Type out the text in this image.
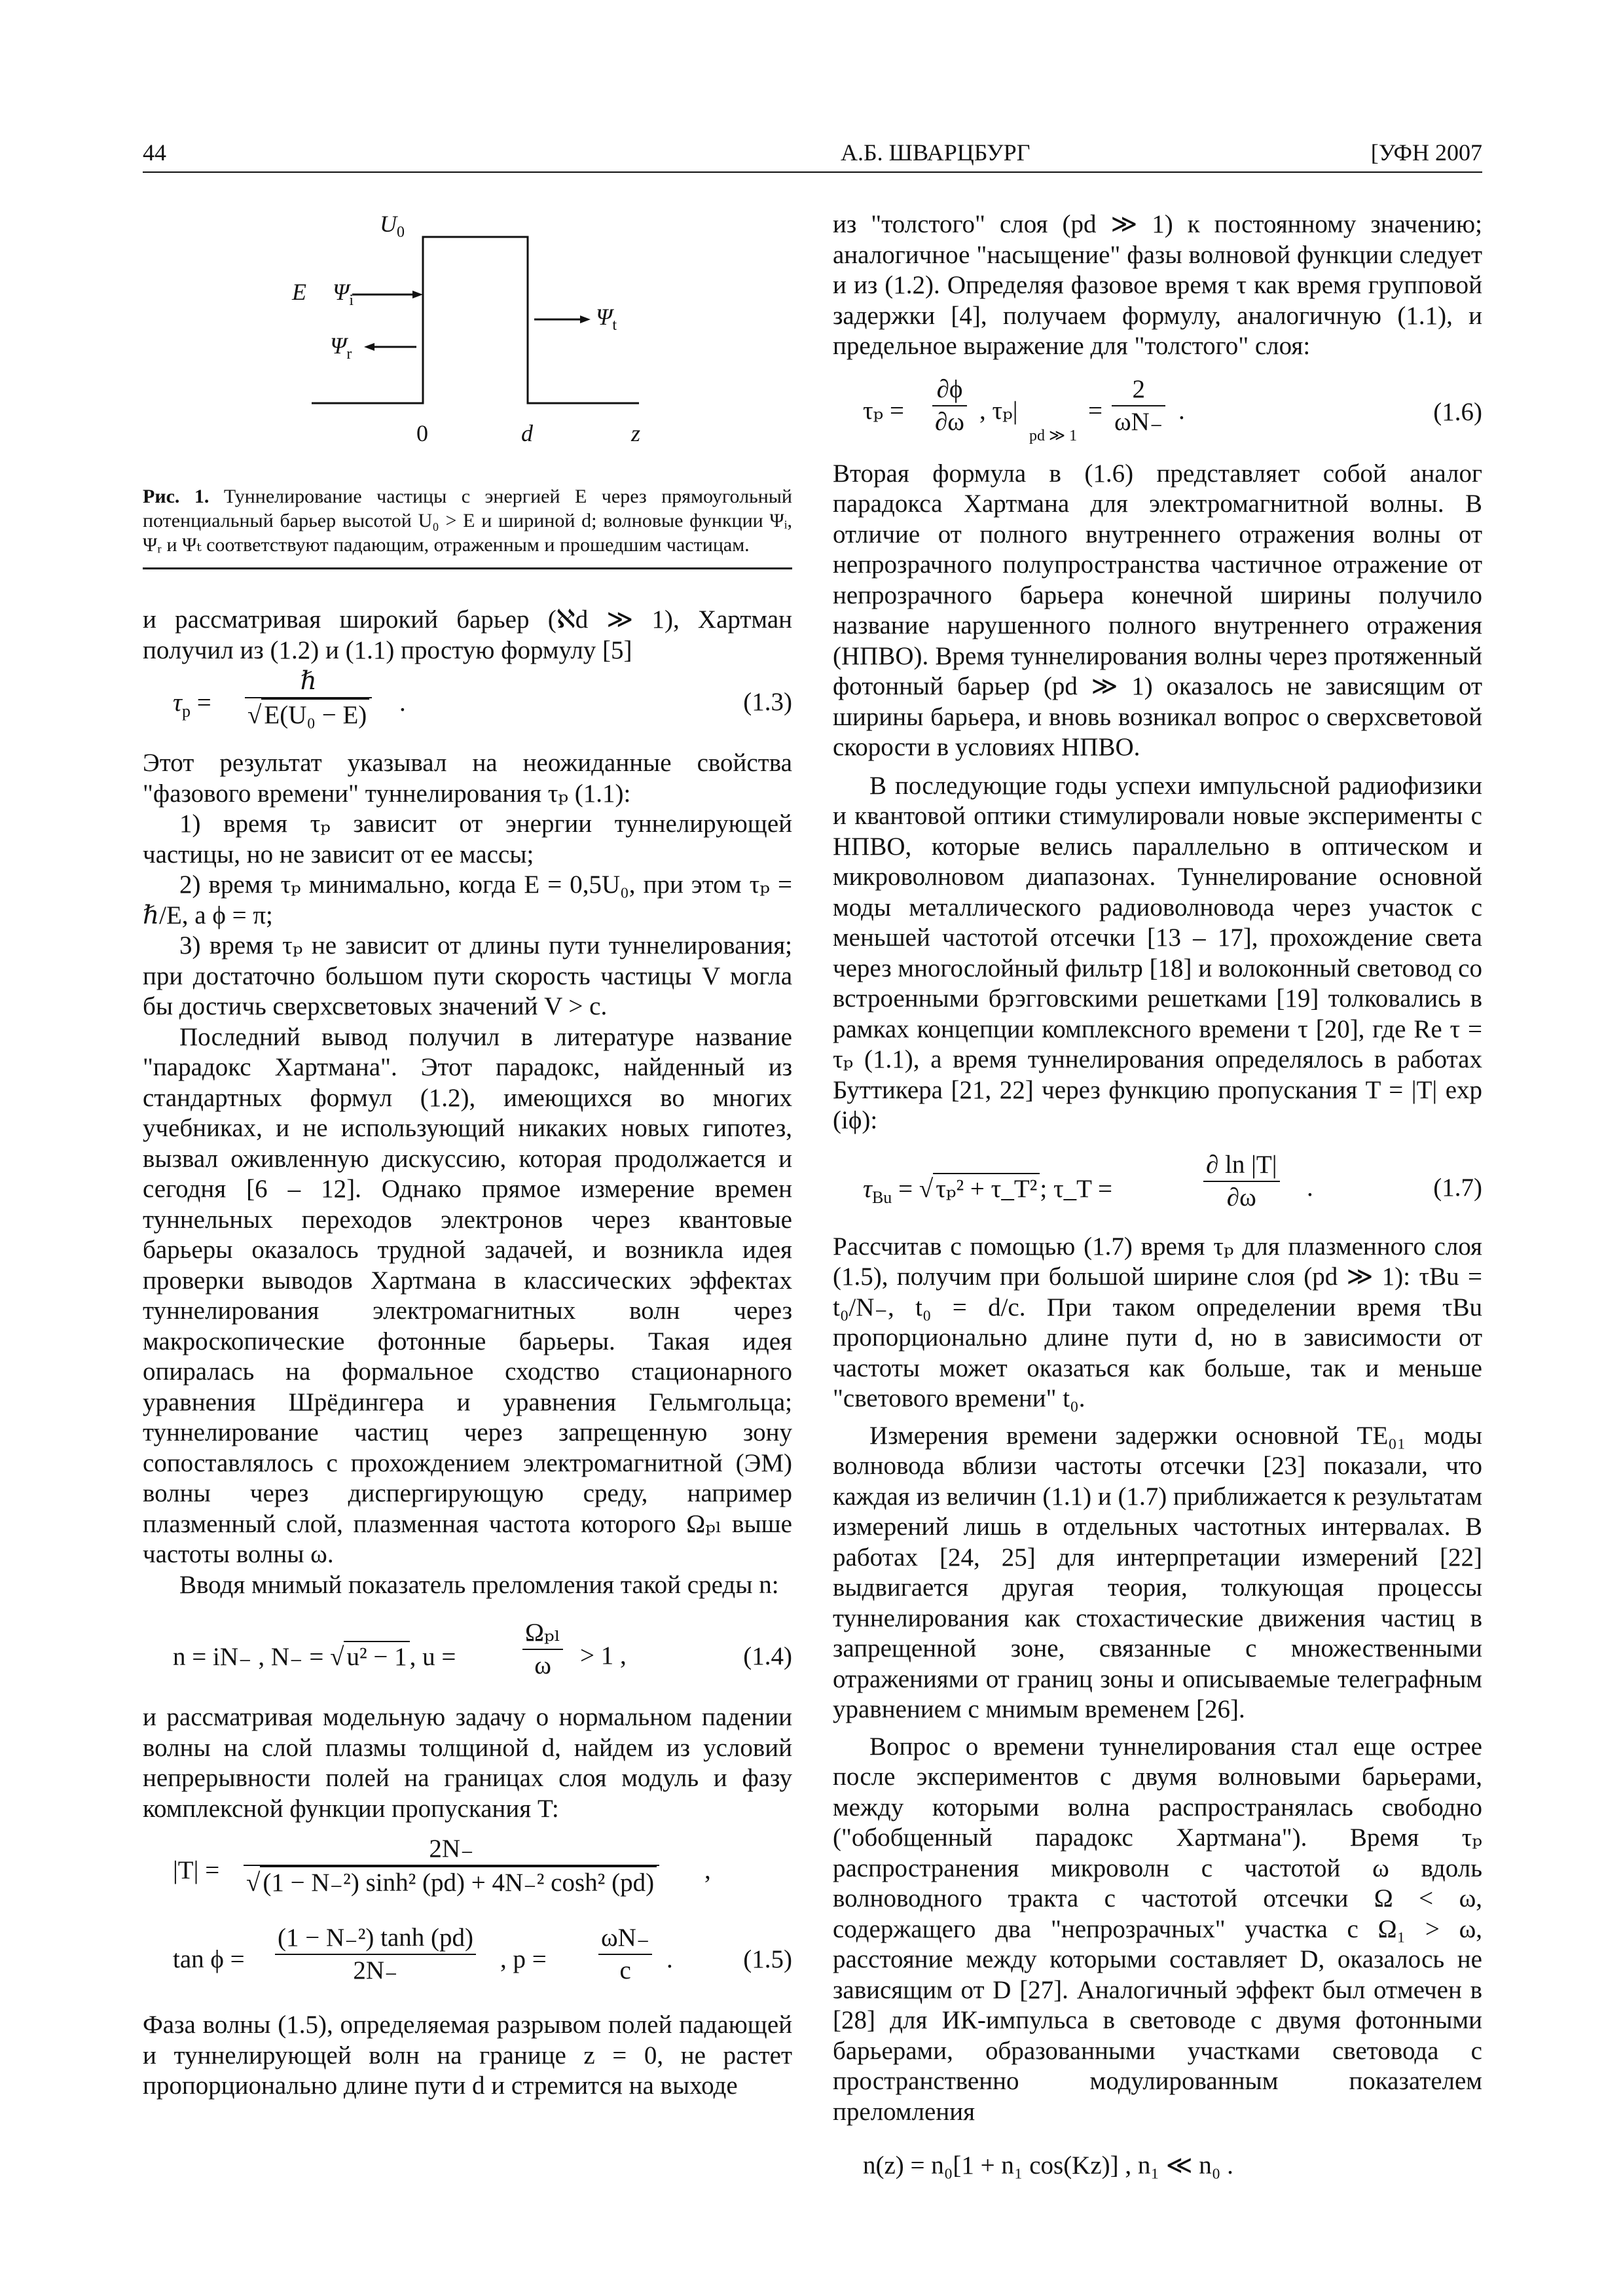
44	А.Б. ШВАРЦБУРГ	[УФН 2007
$U_0$
E $\Psi_i$
$\Psi_r$
$\Psi_t$
0	d	z

Рис. 1. Туннелирование частицы с энергией E через прямоугольный потенциальный барьер высотой U₀ > E и шириной d; волновые функции Ψᵢ, Ψᵣ и Ψₜ соответствуют падающим, отраженным и прошедшим частицам.

и рассматривая широкий барьер (ℵd ≫ 1), Хартман получил из (1.2) и (1.1) простую формулу [5]

$\tau_p$ =
ℏ
√ E(U₀ − E) .	(1.3)

Этот результат указывал на неожиданные свойства "фазового времени" туннелирования τₚ (1.1):

1) время τₚ зависит от энергии туннелирующей частицы, но не зависит от ее массы;

2) время τₚ минимально, когда E = 0,5U₀, при этом τₚ = ℏ/E, а ϕ = π;

3) время τₚ не зависит от длины пути туннелирования; при достаточно большом пути скорость частицы V могла бы достичь сверхсветовых значений V > c.

Последний вывод получил в литературе название "парадокс Хартмана". Этот парадокс, найденный из стандартных формул (1.2), имеющихся во многих учебниках, и не использующий никаких новых гипотез, вызвал оживленную дискуссию, которая продолжается и сегодня [6 – 12]. Однако прямое измерение времен туннельных переходов электронов через квантовые барьеры оказалось трудной задачей, и возникла идея проверки выводов Хартмана в классических эффектах туннелирования электромагнитных волн через макроскопические фотонные барьеры. Такая идея опиралась на формальное сходство стационарного уравнения Шрёдингера и уравнения Гельмгольца; туннелирование частиц через запрещенную зону сопоставлялось с прохождением электромагнитной (ЭМ) волны через диспергирующую среду, например плазменный слой, плазменная частота которого Ωₚₗ выше частоты волны ω.

Вводя мнимый показатель преломления такой среды n:

n = iN₋ , N₋ = √ u² − 1 , u =
Ωₚₗ
ω	> 1 ,	(1.4)

и рассматривая модельную задачу о нормальном падении волны на слой плазмы толщиной d, найдем из условий непрерывности полей на границах слоя модуль и фазу комплексной функции пропускания T:

$|T| = \frac{2N_-}{\text{√ (1 − N₋²) sinh² (pd) + 4N₋² cosh² (pd)}}$ ,
$\tan \phi = \frac{\text{(1 − N₋²) tanh (pd)}}{2N_-}$ , $p = \frac{\omega N_-}{c}$ .	(1.5)

Фаза волны (1.5), определяемая разрывом полей падающей и туннелирующей волн на границе z = 0, не растет пропорционально длине пути d и стремится на выходе

из "толстого" слоя (pd ≫ 1) к постоянному значению; аналогичное "насыщение" фазы волновой функции следует и из (1.2). Определяя фазовое время τ как время групповой задержки [4], получаем формулу, аналогичную (1.1), и предельное выражение для "толстого" слоя:

$\tau_p = \frac{\partial\phi}{\partial\omega}$ , τₚ|
pd ≫ 1
= $\frac{2}{\omega N_-}$ .	(1.6)

Вторая формула в (1.6) представляет собой аналог парадокса Хартмана для электромагнитной волны. В отличие от полного внутреннего отражения волны от непрозрачного полупространства частичное отражение от непрозрачного барьера конечной ширины получило название нарушенного полного внутреннего отражения (НПВО). Время туннелирования волны через протяженный фотонный барьер (pd ≫ 1) оказалось не зависящим от ширины барьера, и вновь возникал вопрос о сверхсветовой скорости в условиях НПВО.

В последующие годы успехи импульсной радиофизики и квантовой оптики стимулировали новые эксперименты с НПВО, которые велись параллельно в оптическом и микроволновом диапазонах. Туннелирование основной моды металлического радиоволновода через участок с меньшей частотой отсечки [13 – 17], прохождение света через многослойный фильтр [18] и волоконный световод со встроенными брэгговскими решетками [19] толковались в рамках концепции комплексного времени τ [20], где Re τ = τₚ (1.1), а время туннелирования определялось в работах Буттикера [21, 22] через функцию пропускания T = |T| exp (iϕ):

$\tau_{Bu}$ = √ τₚ² + τ_T² ; τ_T =	$\frac{\partial \ln |T|}{\partial\omega}$ .	(1.7)

Рассчитав с помощью (1.7) время τₚ для плазменного слоя (1.5), получим при большой ширине слоя (pd ≫ 1): τBu = t₀/N₋, t₀ = d/c. При таком определении время τBu пропорционально длине пути d, но в зависимости от частоты может оказаться как больше, так и меньше "светового времени" t₀.

Измерения времени задержки основной TE₀₁ моды волновода вблизи частоты отсечки [23] показали, что каждая из величин (1.1) и (1.7) приближается к результатам измерений лишь в отдельных частотных интервалах. В работах [24, 25] для интерпретации измерений [22] выдвигается другая теория, толкующая процессы туннелирования как стохастические движения частиц в запрещенной зоне, связанные с множественными отражениями от границ зоны и описываемые телеграфным уравнением с мнимым временем [26].

Вопрос о времени туннелирования стал еще острее после экспериментов с двумя волновыми барьерами, между которыми волна распространялась свободно ("обобщенный парадокс Хартмана"). Время τₚ распространения микроволн с частотой ω вдоль волноводного тракта с частотой отсечки Ω < ω, содержащего два "непрозрачных" участка с Ω₁ > ω, расстояние между которыми составляет D, оказалось не зависящим от D [27]. Аналогичный эффект был отмечен в [28] для ИК-импульса в световоде с двумя фотонными барьерами, образованными участками световода с пространственно модулированным показателем преломления

n(z) = n₀[1 + n₁ cos(Kz)] , n₁ ≪ n₀ .
